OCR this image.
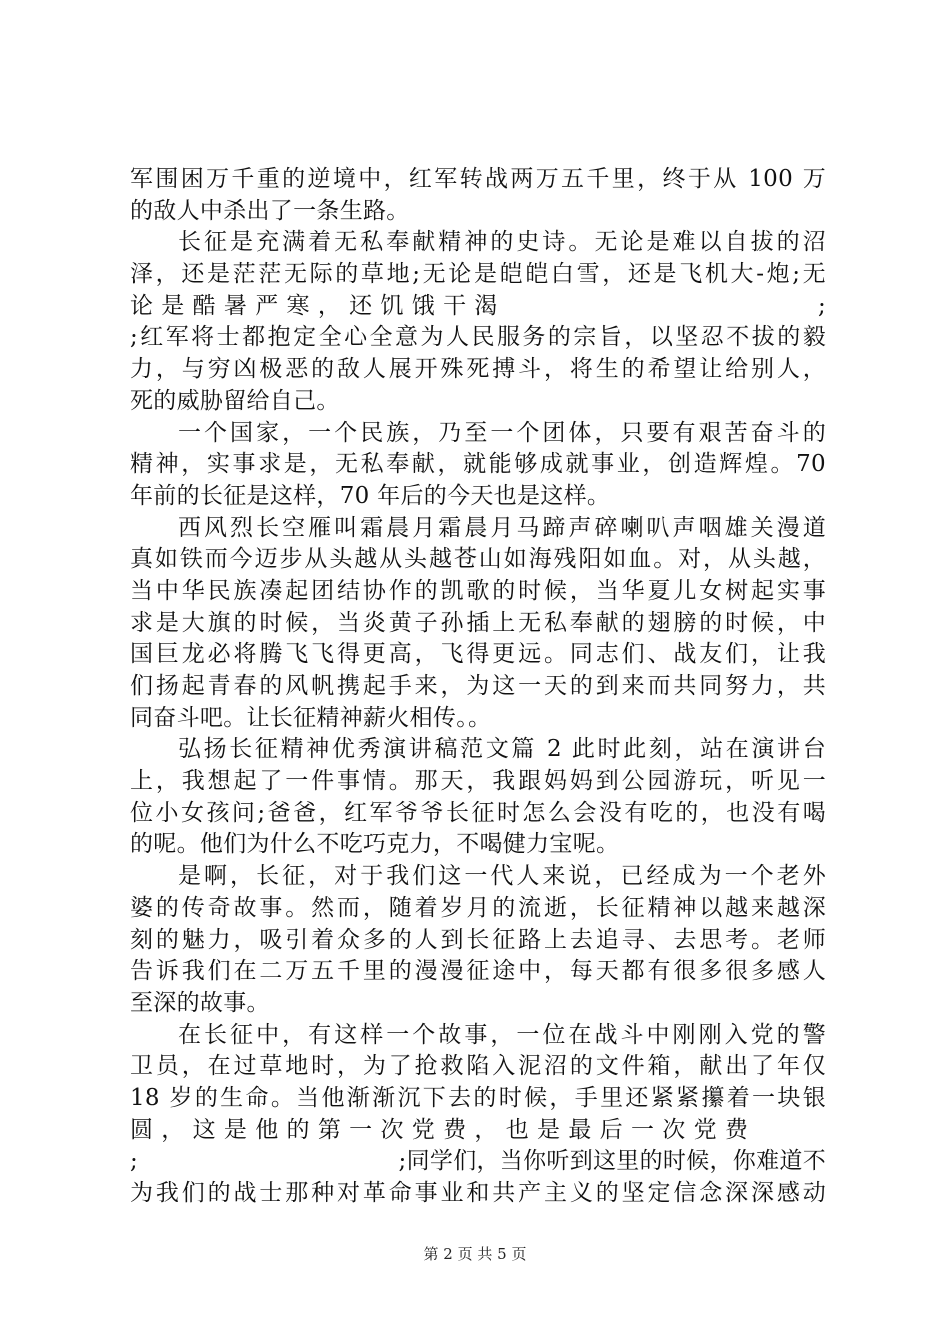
军围困万千重的逆境中，红军转战两万五千里，终于从 100 万
的敌人中杀出了一条生路。
长征是充满着无私奉献精神的史诗。无论是难以自拔的沼
泽，还是茫茫无际的草地;无论是皑皑白雪，还是飞机大-炮;无
论 是 酷 暑 严 寒 ， 还 饥 饿 干 渴	;
;红军将士都抱定全心全意为人民服务的宗旨，以坚忍不拔的毅
力，与穷凶极恶的敌人展开殊死搏斗，将生的希望让给别人，
死的威胁留给自己。
一个国家，一个民族，乃至一个团体，只要有艰苦奋斗的
精神，实事求是，无私奉献，就能够成就事业，创造辉煌。70
年前的长征是这样，70 年后的今天也是这样。
西风烈长空雁叫霜晨月霜晨月马蹄声碎喇叭声咽雄关漫道
真如铁而今迈步从头越从头越苍山如海残阳如血。对，从头越，
当中华民族凑起团结协作的凯歌的时候，当华夏儿女树起实事
求是大旗的时候，当炎黄子孙插上无私奉献的翅膀的时候，中
国巨龙必将腾飞飞得更高，飞得更远。同志们、战友们，让我
们扬起青春的风帆携起手来，为这一天的到来而共同努力，共
同奋斗吧。让长征精神薪火相传。。
弘扬长征精神优秀演讲稿范文篇 2 此时此刻，站在演讲台
上，我想起了一件事情。那天，我跟妈妈到公园游玩，听见一
位小女孩问;爸爸，红军爷爷长征时怎么会没有吃的，也没有喝
的呢。他们为什么不吃巧克力，不喝健力宝呢。
是啊，长征，对于我们这一代人来说，已经成为一个老外
婆的传奇故事。然而，随着岁月的流逝，长征精神以越来越深
刻的魅力，吸引着众多的人到长征路上去追寻、去思考。老师
告诉我们在二万五千里的漫漫征途中，每天都有很多很多感人
至深的故事。
在长征中，有这样一个故事，一位在战斗中刚刚入党的警
卫员，在过草地时，为了抢救陷入泥沼的文件箱，献出了年仅
18 岁的生命。当他渐渐沉下去的时候，手里还紧紧攥着一块银
圆 ， 这 是 他 的 第 一 次 党 费 ， 也 是 最 后 一 次 党 费
;	;同学们，当你听到这里的时候，你难道不
为我们的战士那种对革命事业和共产主义的坚定信念深深感动
第 2 页 共 5 页
